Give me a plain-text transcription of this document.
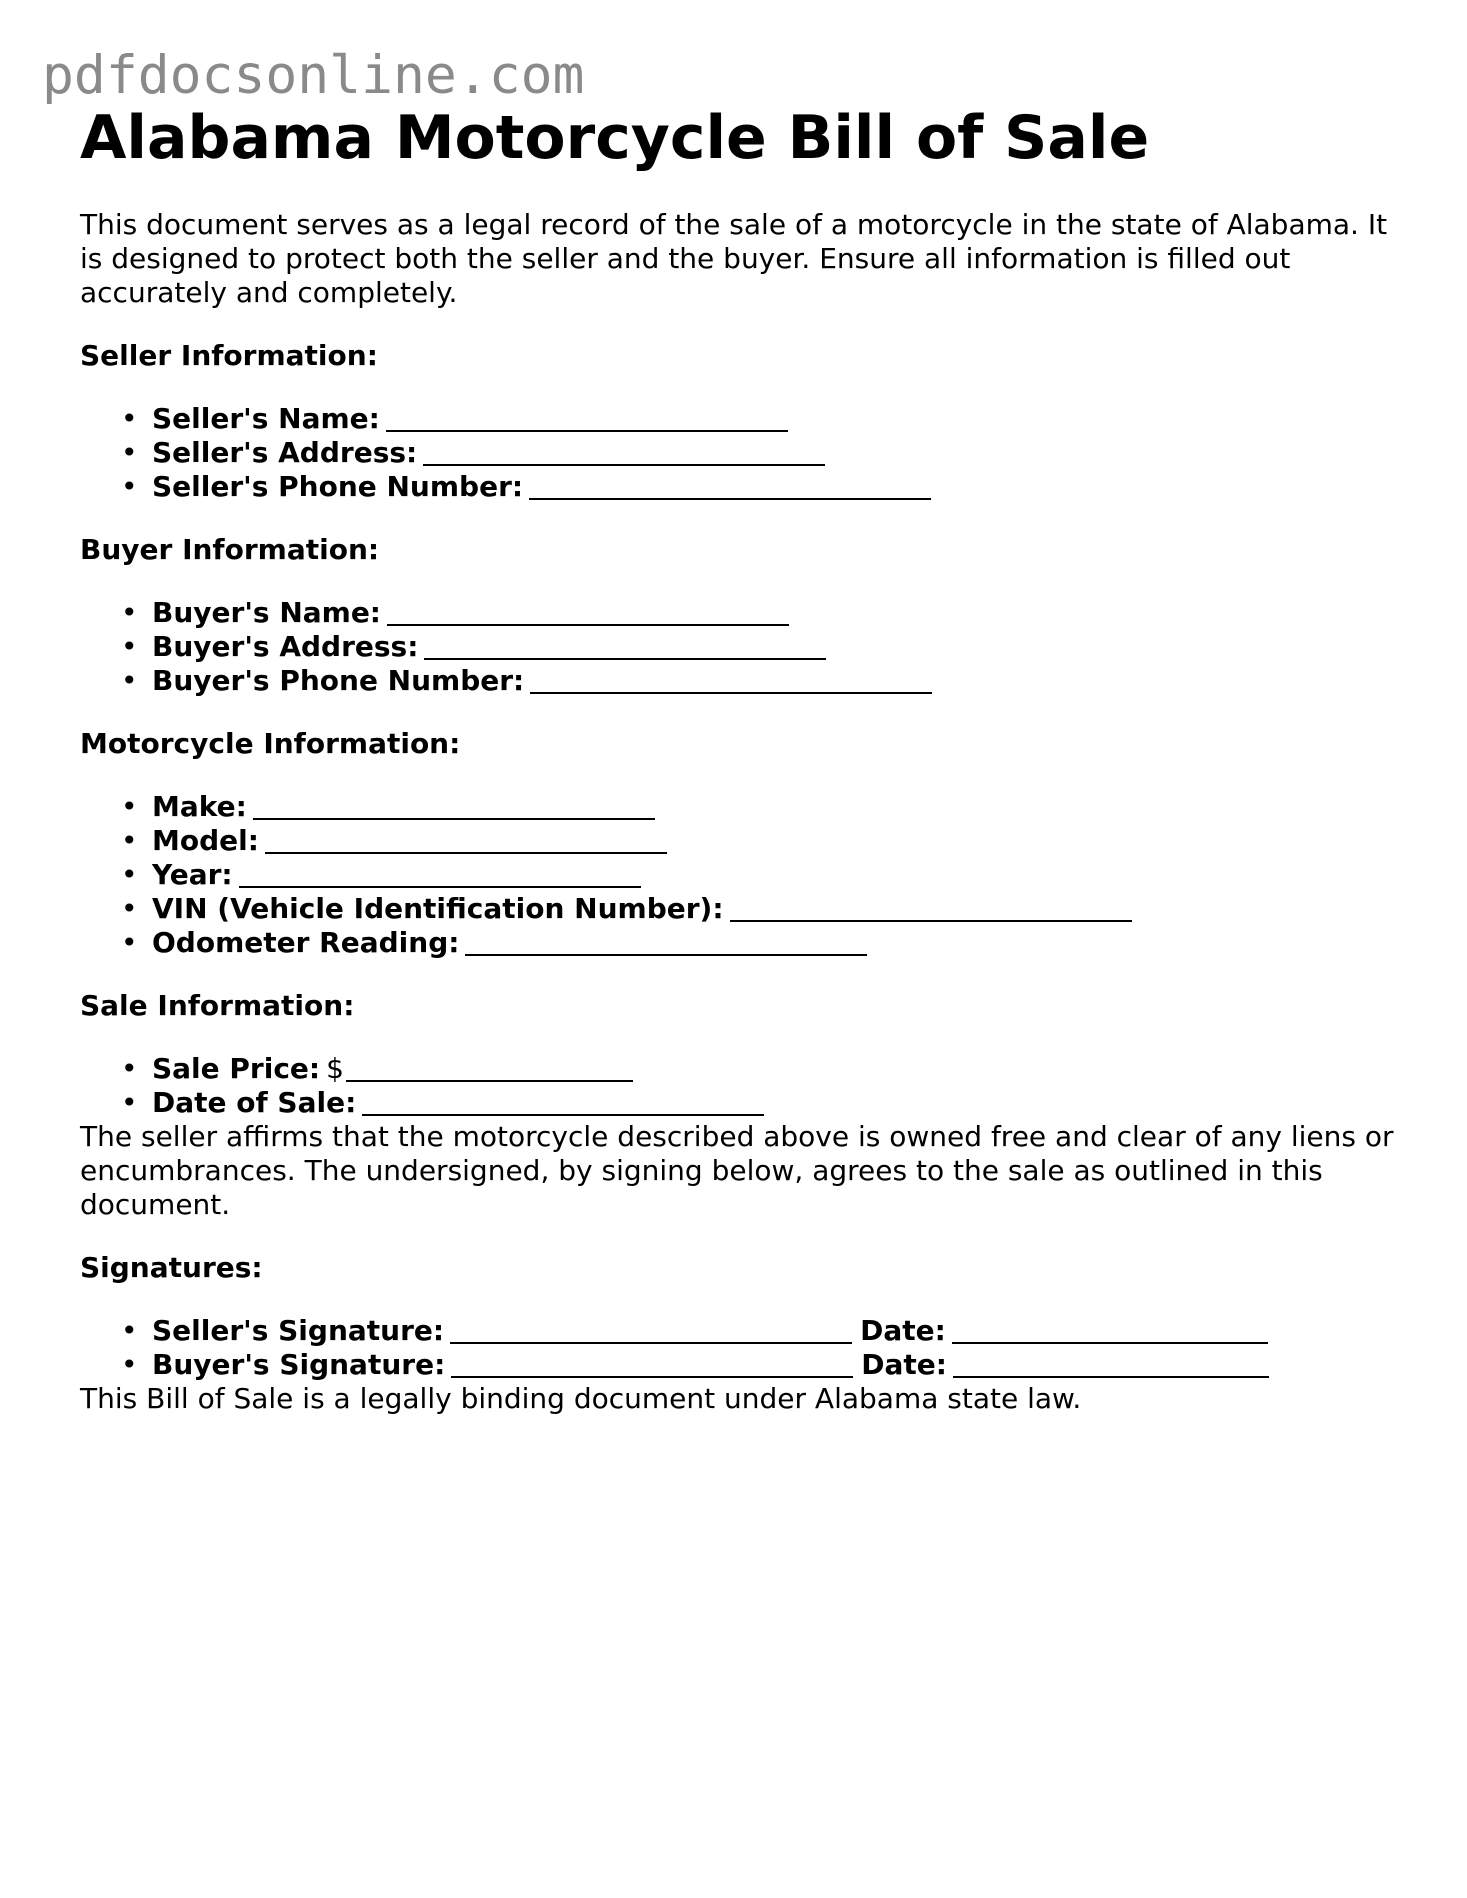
pdfdocsonline.com
Alabama Motorcycle Bill of Sale

This document serves as a legal record of the sale of a motorcycle in the state of Alabama. It is designed to protect both the seller and the buyer. Ensure all information is filled out accurately and completely.

Seller Information:
• Seller's Name:
• Seller's Address:
• Seller's Phone Number:
Buyer Information:
• Buyer's Name:
• Buyer's Address:
• Buyer's Phone Number:
Motorcycle Information:
• Make:
• Model:
• Year:
• VIN (Vehicle Identification Number):
• Odometer Reading:
Sale Information:
• Sale Price: $
• Date of Sale:

The seller affirms that the motorcycle described above is owned free and clear of any liens or encumbrances. The undersigned, by signing below, agrees to the sale as outlined in this document.

Signatures:
• Seller's Signature:	Date:
• Buyer's Signature:	Date:

This Bill of Sale is a legally binding document under Alabama state law.
